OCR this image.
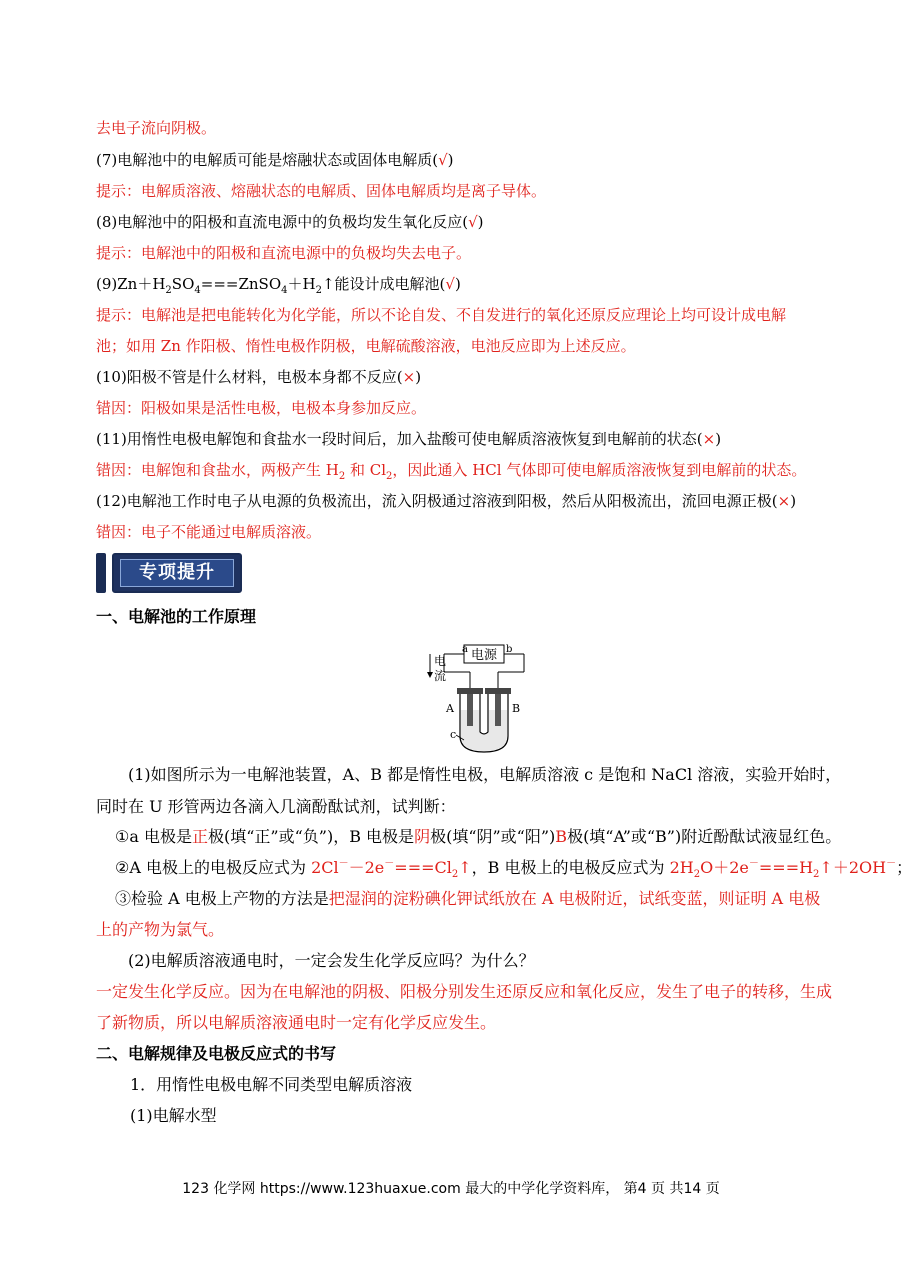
去电子流向阴极。
(7)电解池中的电解质可能是熔融状态或固体电解质(√)
提示：电解质溶液、熔融状态的电解质、固体电解质均是离子导体。
(8)电解池中的阳极和直流电源中的负极均发生氧化反应(√)
提示：电解池中的阳极和直流电源中的负极均失去电子。
$(9)Zn+H_2SO_4===ZnSO_4+H_2↑$能设计成电解池(√)
提示：电解池是把电能转化为化学能，所以不论自发、不自发进行的氧化还原反应理论上均可设计成电解
池；如用 Zn 作阳极、惰性电极作阴极，电解硫酸溶液，电池反应即为上述反应。
(10)阳极不管是什么材料，电极本身都不反应(×)
错因：阳极如果是活性电极，电极本身参加反应。
(11)用惰性电极电解饱和食盐水一段时间后，加入盐酸可使电解质溶液恢复到电解前的状态(×)
错因：电解饱和食盐水，两极产生 $H_2$ 和 $Cl_2$，因此通入 HCl 气体即可使电解质溶液恢复到电解前的状态。
(12)电解池工作时电子从电源的负极流出，流入阴极通过溶液到阳极，然后从阳极流出，流回电源正极(×)
错因：电子不能通过电解质溶液。
专项提升
一、电解池的工作原理
电源
a	b
电
流
A	B
c
(1)如图所示为一电解池装置，A、B 都是惰性电极，电解质溶液 c 是饱和 NaCl 溶液，实验开始时，
同时在 U 形管两边各滴入几滴酚酞试剂，试判断：
①a 电极是正极(填“正”或“负”)，B 电极是阴极(填“阴”或“阳”)B极(填“A”或“B”)附近酚酞试液显红色。
②A 电极上的电极反应式为 $2Cl^--2e^-===Cl_2↑$，B 电极上的电极反应式为 $2H_2O+2e^-===H_2↑+2OH^-$；
③检验 A 电极上产物的方法是把湿润的淀粉碘化钾试纸放在 A 电极附近，试纸变蓝，则证明 A 电极
上的产物为氯气。
(2)电解质溶液通电时，一定会发生化学反应吗？为什么？
一定发生化学反应。因为在电解池的阴极、阳极分别发生还原反应和氧化反应，发生了电子的转移，生成
了新物质，所以电解质溶液通电时一定有化学反应发生。
二、电解规律及电极反应式的书写
1．用惰性电极电解不同类型电解质溶液
(1)电解水型
123 化学网 https://www.123huaxue.com 最大的中学化学资料库， 第4 页 共14 页
